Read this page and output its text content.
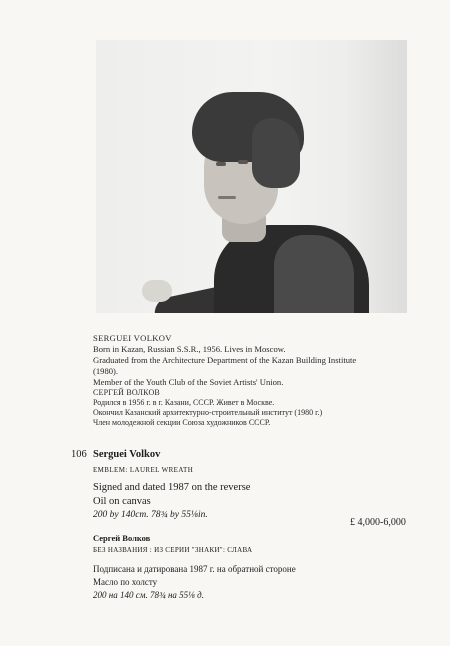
SERGUEI VOLKOV
Born in Kazan, Russian S.S.R., 1956. Lives in Moscow.
Graduated from the Architecture Department of the Kazan Building Institute
(1980).
Member of the Youth Club of the Soviet Artists' Union.
СЕРГЕЙ ВОЛКОВ
Родился в 1956 г. в г. Казани, СССР. Живет в Москве.
Окончил Казанский архитектурно-строительный институт (1980 г.)
Член молодежной секции Союза художников СССР.
106 Serguei Volkov
EMBLEM: LAUREL WREATH
Signed and dated 1987 on the reverse
Oil on canvas
200 by 140cm. 78¾ by 55⅛in.
£ 4,000-6,000
Сергей Волков
БЕЗ НАЗВАНИЯ : ИЗ СЕРИИ "ЗНАКИ": СЛАВА
Подписана и датирована 1987 г. на обратной стороне
Масло по холсту
200 на 140 см. 78¾ на 55⅛ д.
